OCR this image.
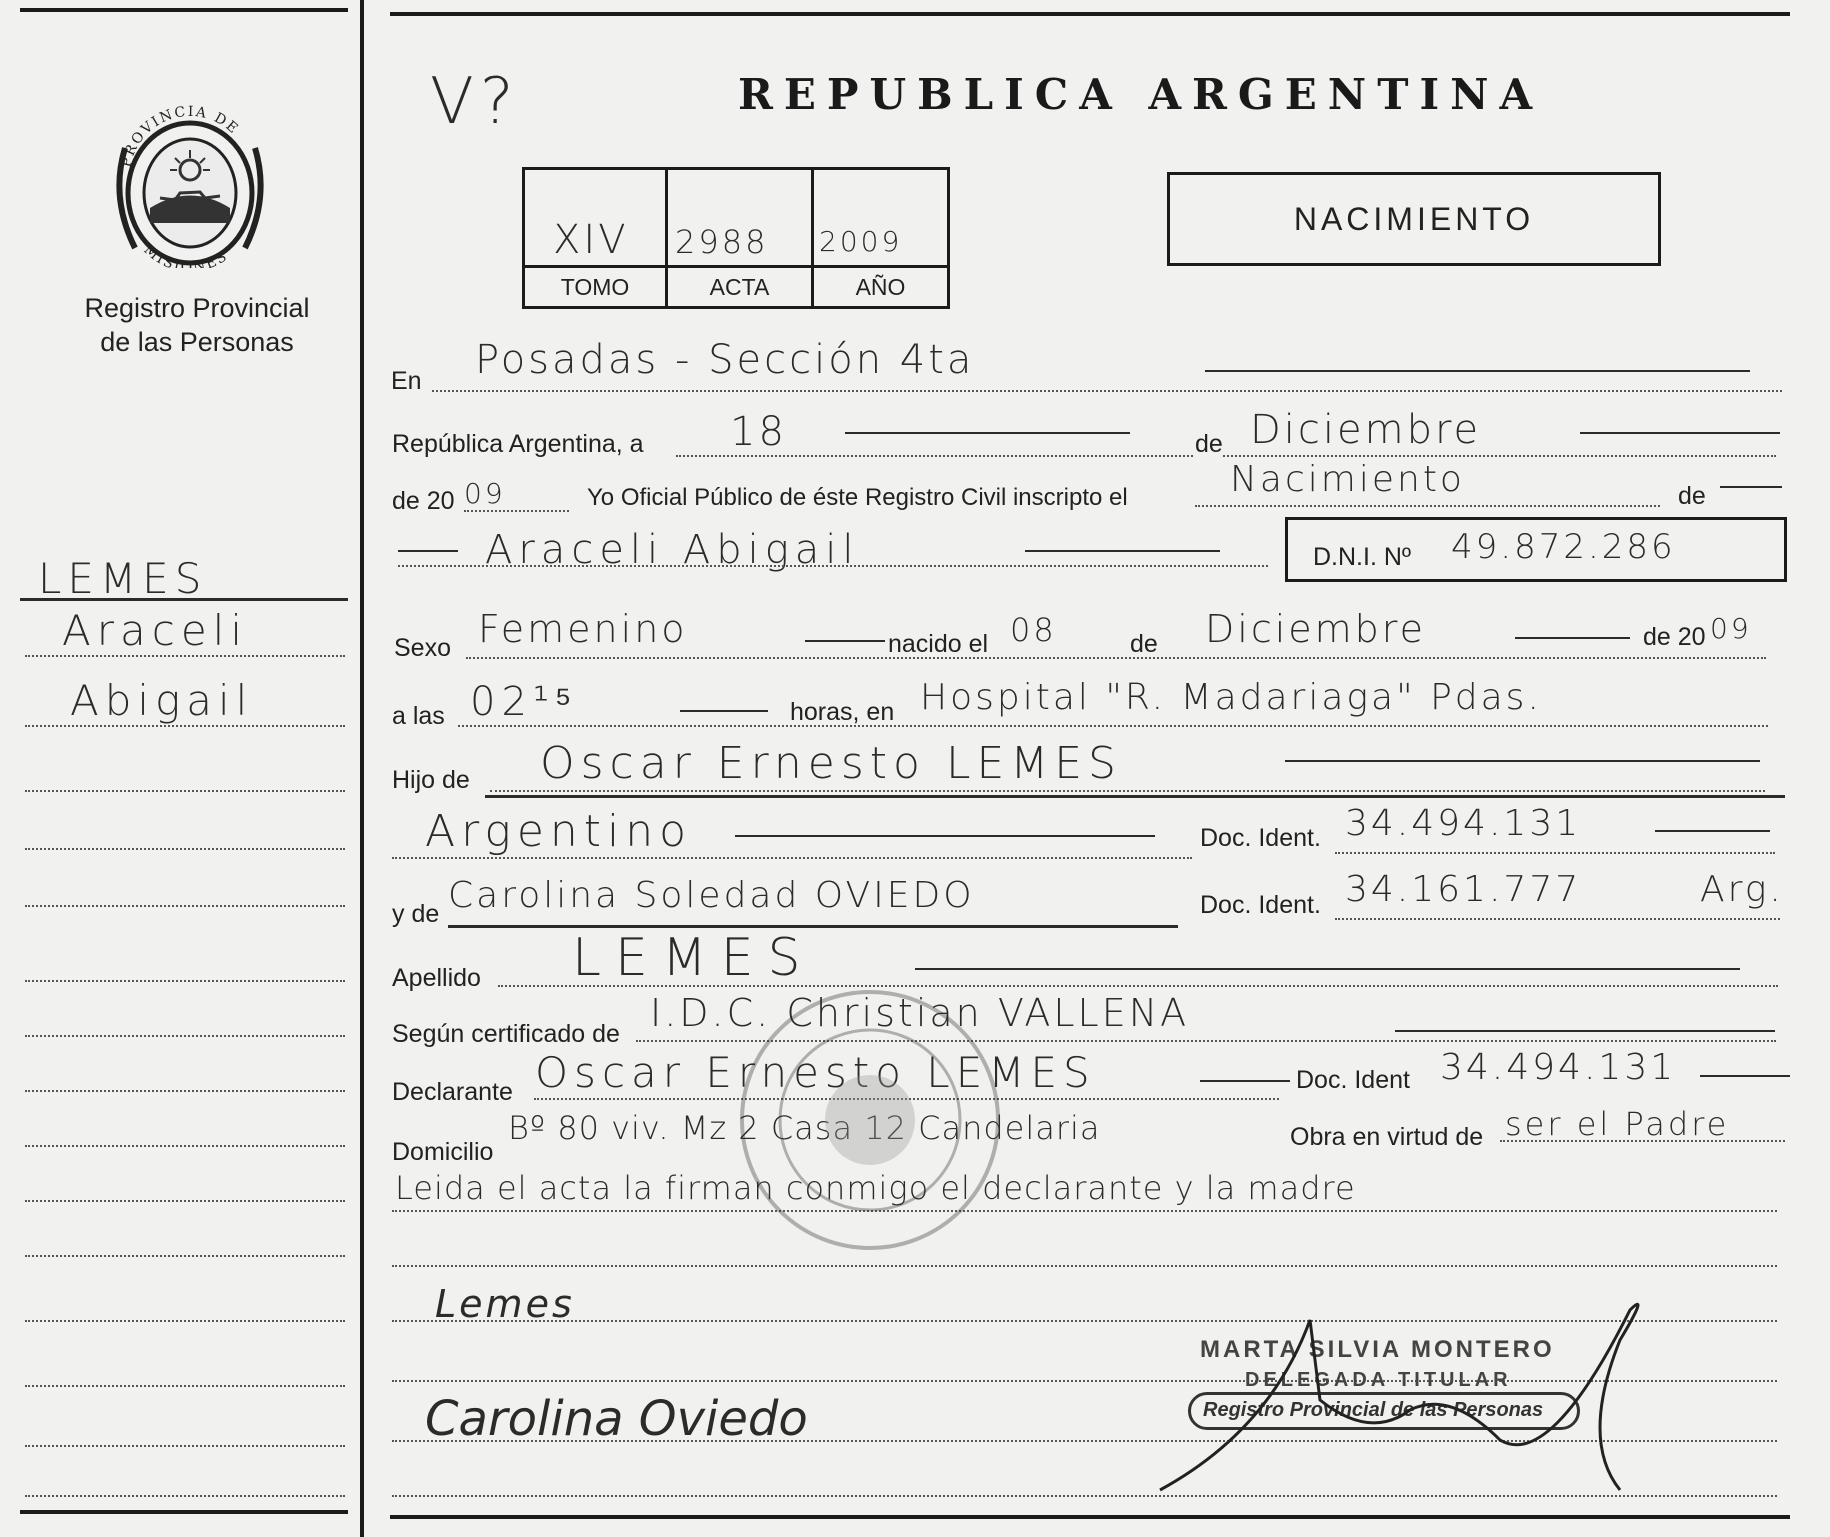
PROVINCIA DE
MISIONES
Registro Provincial
de las Personas
LEMES
Araceli
Abigail
V?	REPUBLICA ARGENTINA
XIV 2988 2009
TOMO	ACTA	AÑO
NACIMIENTO
En Posadas - Sección 4ta
República Argentina, a 18	de Diciembre
de 20 09	Yo Oficial Público de éste Registro Civil inscripto el	Nacimiento	de
Araceli Abigail	D.N.I. Nº 49.872.286
Sexo Femenino	nacido el 08	de Diciembre	de 20 09
a las 02¹⁵	horas, en Hospital "R. Madariaga" Pdas.
Hijo de Oscar Ernesto LEMES
Argentino	Doc. Ident. 34.494.131
y de Carolina Soledad OVIEDO	Doc. Ident. 34.161.777	Arg.
Apellido LEMES
Según certificado de I.D.C. Christian VALLENA
Declarante Oscar Ernesto LEMES	Doc. Ident 34.494.131
Domicilio
Bº 80 viv. Mz 2 Casa 12 Candelaria	Obra en virtud de ser el Padre
Leida el acta la firman conmigo el declarante y la madre
Lemes
Carolina Oviedo
MARTA SILVIA MONTERO
DELEGADA TITULAR
Registro Provincial de las Personas
